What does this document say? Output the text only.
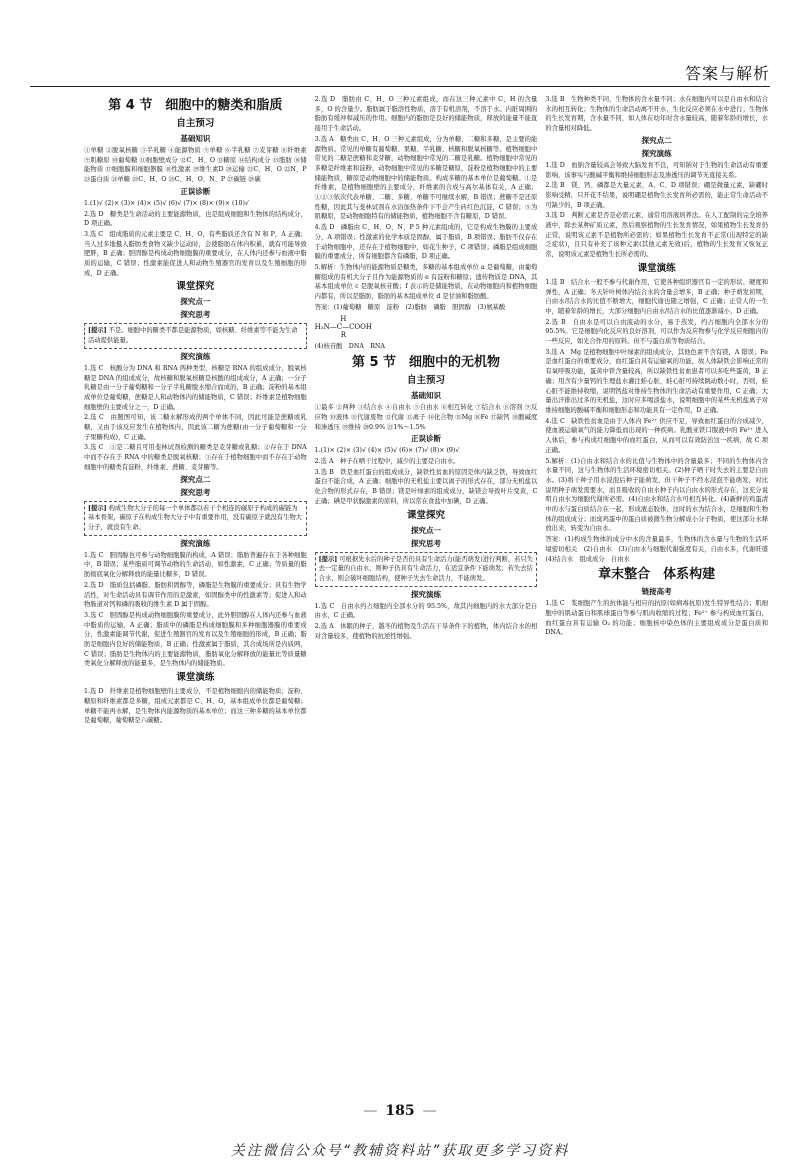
答案与解析
第 4 节　细胞中的糖类和脂质
自主预习
基础知识

①单糖 ②脱氧核糖 ③半乳糖 ④能源物质 ⑤单糖 ⑥半乳糖 ⑦麦芽糖 ⑧纤维素 ⑨肌糖原 ⑩葡萄糖 ⑪细胞壁成分 ⑫C、H、O ⑬糖原 ⑭结构成分 ⑮脂肪 ⑯储能物质 ⑰细胞膜和细胞器膜 ⑱性激素 ⑲维生素D ⑳运输 ㉑C、H、O ㉒N、P ㉓蛋白质 ㉔单糖 ㉕C、H、O ㉖C、H、O、N、P ㉗碳链 ㉘碳

正误诊断

1.(1)√ (2)× (3)× (4)× (5)√ (6)√ (7)× (8)× (9)× (10)√

2.选 D　糖类是生命活动的主要能源物质，也是组成细胞和生物体的结构成分，D 项正确。

3.选 C　组成脂质的元素主要是 C、H、O，有些脂质还含有 N 和 P，A 正确；当人过多地摄入脂肪类食物又缺少运动时，会使脂肪在体内积累，就有可能导致肥胖，B 正确；胆固醇是构成动物细胞膜的重要成分，在人体内还参与血液中脂质的运输，C 错误；性激素能促进人和动物生殖器官的发育以及生殖细胞的形成，D 正确。

课堂探究
探究点一
探究思考
[提示] 不是。细胞中的糖类不都是能源物质，如核糖、纤维素等不能为生命活动提供能量。
探究演练

1.选 C　核酸分为 DNA 和 RNA 两种类型，核糖是 RNA 的组成成分，脱氧核糖是 DNA 的组成成分，故核糖和脱氧核糖是核酸的组成成分，A 正确；一分子乳糖是由一分子葡萄糖和一分子半乳糖脱水缩合而成的，B 正确；淀粉的基本组成单位是葡萄糖，蔗糖是人和动物体内的储能物质，C 错误；纤维素是植物细胞细胞壁的主要成分之一，D 正确。

2.选 C　由题图可知，该二糖水解形成的两个单体不同，因此可能是蔗糖或乳糖，又由于该反应发生在植物体内，因此该二糖为蔗糖(由一分子葡萄糖和一分子果糖构成)，C 正确。

3.选 C　①是二糖且可用斐林试剂检测的糖类是麦芽糖或乳糖；②存在于 DNA 中而不存在于 RNA 中的糖类是脱氧核糖；③存在于植物细胞中而不存在于动物细胞中的糖类有淀粉、纤维素、蔗糖、麦芽糖等。

探究点二
探究思考
[提示] 构成生物大分子的每一个单体都以若干个相连的碳原子构成的碳链为基本骨架，碳原子在构成生物大分子中有重要作用，没有碳原子就没有生物大分子，就没有生命。
探究演练

1.选 C　胆固醇也可参与动物细胞膜的构成，A 错误；脂肪普遍存在于各种细胞中，B 错误；某些脂质可调节动物的生命活动，如性激素，C 正确；等质量的脂肪彻底氧化分解释放的能量比糖多，D 错误。

2.选 D　脂质包括磷脂、脂肪和固醇等，磷脂是生物膜的重要成分；具有生物学活性，对生命活动具有调节作用的是激素，如固醇类中的性激素等；促进人和动物肠道对钙和磷的吸收的维生素 D 属于固醇。

3.选 C　胆固醇是构成动物细胞膜的重要成分，此外胆固醇在人体内还参与血液中脂质的运输，A 正确；脂质中的磷脂是构成细胞膜和多种细胞器膜的重要成分，性激素能调节代谢，促进生殖器官的发育以及生殖细胞的形成，B 正确；脂肪是细胞内良好的储能物质，B 正确；性激素属于脂质，其合成场所是内质网，C 错误；脂肪是生物体内的主要能源物质，脂肪氧化分解释放的能量比等质量糖类氧化分解释放的能量多，是生物体内的储能物质。

课堂演练

1.选 D　纤维素是植物细胞壁的主要成分，不是植物细胞内的储能物质；淀粉、糖原和纤维素都是多糖，组成元素都是 C、H、O，基本组成单位都是葡萄糖；单糖不能再水解，是生物体内能源物质的基本单位；而这三种多糖的基本单位都是葡萄糖，葡萄糖是六碳糖。

2.选 D　脂肪由 C、H、O 三种元素组成，而在这三种元素中 C、H 的含量多，O 的含量少。脂肪属于脂溶性物质，溶于有机溶剂，不溶于水。内脏周围的脂肪有缓冲和减压的作用。细胞内的脂肪是良好的储能物质，释放的能量不能直接用于生命活动。

3.选 A　糖类由 C、H、O 三种元素组成，分为单糖、二糖和多糖，是主要的能源物质。常见的单糖有葡萄糖、果糖、半乳糖、核糖和脱氧核糖等。植物细胞中常见的二糖是蔗糖和麦芽糖，动物细胞中常见的二糖是乳糖。植物细胞中常见的多糖是纤维素和淀粉，动物细胞中常见的多糖是糖原，淀粉是植物细胞中的主要储能物质，糖原是动物细胞中的储能物质。构成多糖的基本单位是葡萄糖。①是纤维素，是植物细胞壁的主要成分，纤维素的合成与高尔基体有关，A 正确；①②③依次代表单糖、二糖、多糖，单糖不可继续水解，B 错误；蔗糖不是还原性糖，因此其与斐林试剂在水浴加热条件下不会产生砖红色沉淀，C 错误；⑤为肌糖原，是动物细胞特有的储能物质，植物细胞不含有糖原，D 错误。

4.选 D　磷脂由 C、H、O、N、P 5 种元素组成的，它是构成生物膜的主要成分，A 项错误；性激素的化学本质是固醇，属于脂质，B 项错误；脂肪不仅存在于动物细胞中，还存在于植物细胞中，如花生种子，C 项错误；磷脂是组成细胞膜的重要成分，所有细胞都含有磷脂，D 项正确。

5.解析：生物体内的能源物质是糖类，多糖的基本组成单位 a 是葡萄糖，由葡萄糖组成的有机大分子且作为能源物质的 e 有淀粉和糖原；遗传物质是 DNA，其基本组成单位 c 是脱氧核苷酸；f 表示的是储能物质，在动物细胞内和植物细胞内都有，所以是脂肪，脂肪的基本组成单位 d 是甘油和脂肪酸。

答案：(1)葡萄糖　糖原　淀粉　(2)脂肪　磷脂　胆固醇　(3)氨基酸

H
H₂N—C—COOH
R

(4)核苷酸　DNA　RNA

第 5 节　细胞中的无机物
自主预习
基础知识

①最多 ②两种 ③结合水 ④自由水 ⑤自由水 ⑥相互转化 ⑦结合水 ⑧溶剂 ⑨反应物 ⑩液体 ⑪代谢废物 ⑫代谢 ⑬离子 ⑭化合物 ⑮Mg ⑯Fe ⑰缺钙 ⑱酸碱度和渗透压 ⑲维持 ⑳0.9% ㉑1%～1.5%

正误诊断

1.(1)× (2)× (3)√ (4)× (5)√ (6)× (7)√ (8)× (9)√

2.选 A　种子在晒干过程中，减少的主要是自由水。

3.选 B　铁是血红蛋白的组成成分，缺铁性贫血的原因是体内缺乏铁，导致血红蛋白不能合成，A 正确；细胞中的无机盐主要以离子的形式存在，部分无机盐以化合物的形式存在，B 错误；镁是叶绿素的组成成分，缺镁会导致叶片变黄，C 正确；碘是甲状腺激素的原料，所以常在食盐中加碘，D 正确。

课堂探究
探究点一
探究思考
[提示] 可根据先水后的种子是否仍具有生命活力(能否萌发)进行判断，若只失去一定量的自由水，则种子仍具有生命活力，在适宜条件下能萌发；若失去结合水，则会破坏细胞结构，使种子失去生命活力，不能萌发。
探究演练

1.选 C　自由水约占细胞内全部水分的 95.5%，故其内细胞内的水大部分是自由水，C 正确。

2.选 A　休眠的种子，越冬的植物及生活在干旱条件下的植物，体内结合水的相对含量较多，使植物的抗逆性增强。

3.选 B　生物种类不同，生物体的含水量不同；水在细胞内可以是自由水和结合水的相互转化；生物体的生命活动离不开水，生化反应必须在水中进行；生物体的生长发育期，含水量不同，如人体在幼年时含水量较高，随着年龄的增长，水的含量相对降低。

探究点二
探究演练

1.选 D　血钠含量较高会导致大脑发育不良，可知钠对于生物的生命活动有重要影响，该事实与酸碱平衡和维持细胞形态及渗透压的调节无直接关系。

2.选 B　镁、钙、磷都是大量元素，A、C、D 项错误；硼是微量元素，缺硼时影响受精，只开花不结果，说明硼是植物生长发育所必需的，能正常生命活动不可缺少的，B 项正确。

3.选 D　判断元素是否是必需元素，通常用溶液培养法。在人工配制的完全培养液中，除去某种矿质元素，然后观察植物的生长发育情况，如果植物生长发育仍正常，说明该元素不是植物所必需的；如果植物生长发育不正常(出现特定的缺乏症状)，且只有补充了该种元素(其他元素无效)后，植物的生长发育又恢复正常，说明该元素是植物生长所必需的。

课堂演练

1.选 B　结合水一般不参与代谢作用，它使各种组织器官有一定的形状、硬度和弹性，A 正确；冬天针叶树体内结合水的含量会增多，B 正确；种子萌发初期，自由水/结合水的比值不断增大，细胞代谢也随之增强，C 正确；正常人的一生中，随着年龄的增长，大部分细胞内自由水/结合水的比值逐渐减小，D 正确。

2.选 B　自由水是可以自由流动的水分，易于蒸发，约占细胞内全部水分的 95.5%。它是细胞内化反应的良好溶剂，可以作为反应物参与化学反应细胞内的一些反应，如光合作用的原料。但不与蛋白质等物质结合。

3.选 A　Mg 是植物细胞中叶绿素的组成成分，其他色素不含有镁，A 错误；Fe 是血红蛋白的重要成分，血红蛋白具有运输氧的功能，故人体缺铁会影响正常的有氧呼吸功能，蛋黄中铁含量较高，所以缺铁性贫血患者可以多吃些蛋黄，B 正确；用含有少量钙的生理盐水灌注蛙心脏，蛙心脏可持续跳动数小时，否则，蛙心脏不能维持收缩，说明钙盐对维持生物体的生命活动有重要作用，C 正确；大量出汗排出过多的无机盐，这时应多喝淡盐水，说明细胞中的某些无机盐离子对维持细胞的酸碱平衡和细胞形态和功能具有一定作用，D 正确。

4.选 C　缺铁性贫血是由于人体内 Fe²⁺ 供应不足，导致血红蛋白的合成减少，使血液运输氧气的能力降低而出现的一种疾病。乳酸亚铁口服液中的 Fe²⁺ 进入人体后，参与构成红细胞中的血红蛋白，从而可以有效防治这一疾病，故 C 项正确。

5.解析：(1)自由水和结合水的比值与生物体中的含量最多；不同的生物体内含水量不同，这与生物体的生活环境密切相关。(2)种子晒干时失去的主要是自由水。(3)将干种子用水浸泡后种子能萌发，但干种子不经水浸泡不能萌发，对比说明种子萌发需要水，而且吸收的自由水种子内以自由水的形式存在，这充分说明自由水为细胞代谢所必需。(4)自由水和结合水可相互转化。(4)新鲜的鸡蛋清中的水与蛋白质结合在一起，形成液态胶体，这时的水为结合水，是细胞和生物体的组成成分；而臭鸡蛋中的蛋白质被微生物分解成小分子物质，使这部分水释放出来，转变为自由水。

答案：(1)构成生物体的成分中水的含量最多，生物体的含水量与生物的生活环境密切相关　(2)自由水　(3)自由水与细胞代谢强度有关，自由水多，代谢旺盛　(4)结合水　组成成分　自由水

章末整合　体系构建
链接高考

1.选 C　浆细胞产生的抗体能与相应的抗原(如病毒抗原)发生特异性结合；肌细胞中的肌动蛋白和肌球蛋白等参与肌肉收缩的过程；Fe²⁺ 参与构成血红蛋白，血红蛋白具有运输 O₂ 的功能；细胞核中染色体的主要组成成分是蛋白质和 DNA。

— 185 —
关注微信公众号“教辅资料站”获取更多学习资料
